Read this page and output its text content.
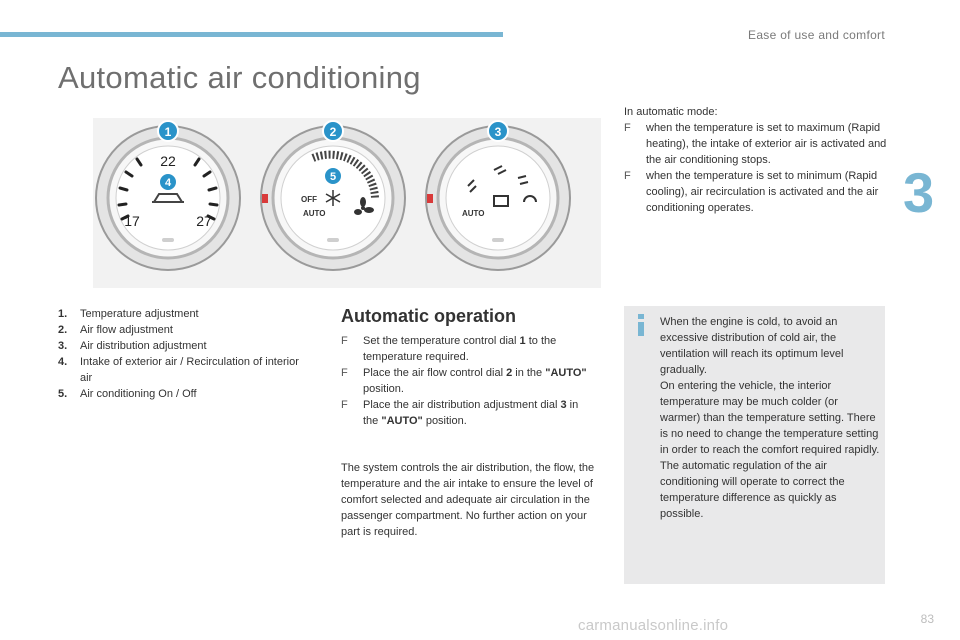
Ease of use and comfort
Automatic air conditioning
3
22
17	27
1
4
OFF
AUTO
2
5
AUTO
3
1.	Temperature adjustment
2.	Air flow adjustment
3.	Air distribution adjustment
4.	Intake of exterior air / Recirculation of interior air
5.	Air conditioning On / Off
Automatic operation
F	Set the temperature control dial 1 to the temperature required.
F	Place the air flow control dial 2 in the "AUTO" position.
F	Place the air distribution adjustment dial 3 in the "AUTO" position.
The system controls the air distribution, the flow, the temperature and the air intake to ensure the level of comfort selected and adequate air circulation in the passenger compartment. No further action on your part is required.
In automatic mode:
F	when the temperature is set to maximum (Rapid heating), the intake of exterior air is activated and the air conditioning stops.
F	when the temperature is set to minimum (Rapid cooling), air recirculation is activated and the air conditioning operates.
When the engine is cold, to avoid an excessive distribution of cold air, the ventilation will reach its optimum level gradually.
On entering the vehicle, the interior temperature may be much colder (or warmer) than the temperature setting. There is no need to change the temperature setting in order to reach the comfort required rapidly.
The automatic regulation of the air conditioning will operate to correct the temperature difference as quickly as possible.
carmanualsonline.info	83
